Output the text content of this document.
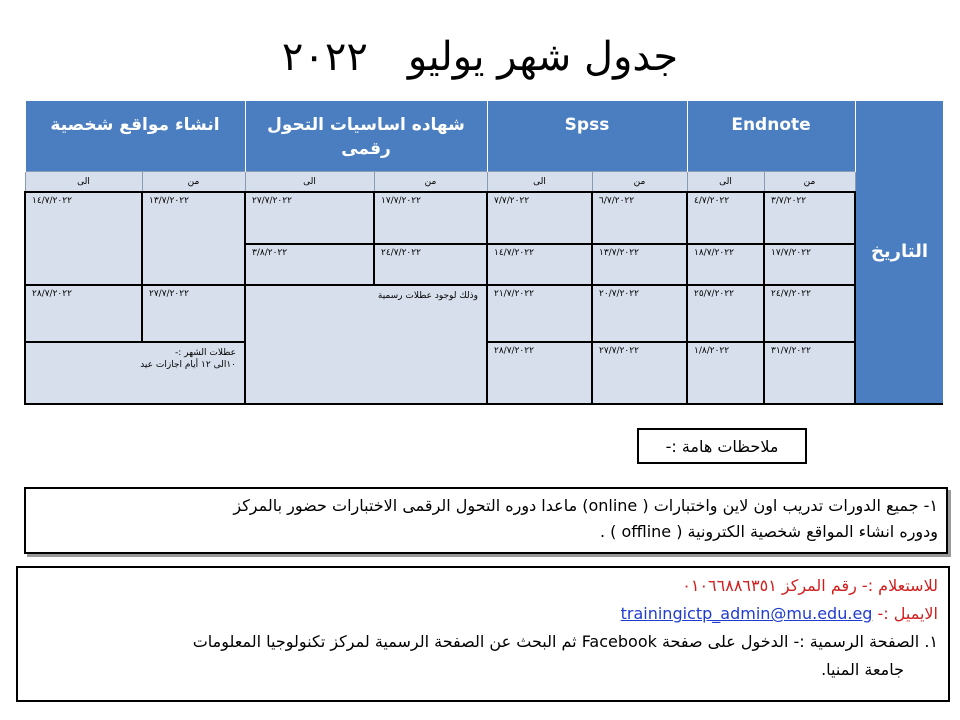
جدول شهر يوليو٢٠٢٢
التاريخ	Endnote		Spss		شهاده اساسيات التحول رقمى		انشاء مواقع شخصية	
	من	الى	من	الى	من	الى	من	الى
	٣/٧/٢٠٢٢	٤/٧/٢٠٢٢	٦/٧/٢٠٢٢	٧/٧/٢٠٢٢	١٧/٧/٢٠٢٢	٢٧/٧/٢٠٢٢	١٣/٧/٢٠٢٢	١٤/٧/٢٠٢٢
	١٧/٧/٢٠٢٢	١٨/٧/٢٠٢٢	١٣/٧/٢٠٢٢	١٤/٧/٢٠٢٢	٢٤/٧/٢٠٢٢	٣/٨/٢٠٢٢		
	٢٤/٧/٢٠٢٢	٢٥/٧/٢٠٢٢	٢٠/٧/٢٠٢٢	٢١/٧/٢٠٢٢	وذلك لوجود عطلات رسمية		٢٧/٧/٢٠٢٢	٢٨/٧/٢٠٢٢
	٣١/٧/٢٠٢٢	١/٨/٢٠٢٢	٢٧/٧/٢٠٢٢	٢٨/٧/٢٠٢٢			عطلات الشهر :-
١٠الى ١٢ أيام اجازات عيد	
ملاحظات هامة :-
١- جميع الدورات تدريب اون لاين واختبارات ( online) ماعدا دوره التحول الرقمى الاختبارات حضور بالمركز
ودوره انشاء المواقع شخصية الكترونية ( offline ) .
للاستعلام :- رقم المركز ٠١٠٦٦٨٨٦٣٥١
الايميل :- trainingictp_admin@mu.edu.eg
١. الصفحة الرسمية :- الدخول على صفحة Facebook ثم البحث عن الصفحة الرسمية لمركز تكنولوجيا المعلومات
جامعة المنيا.
